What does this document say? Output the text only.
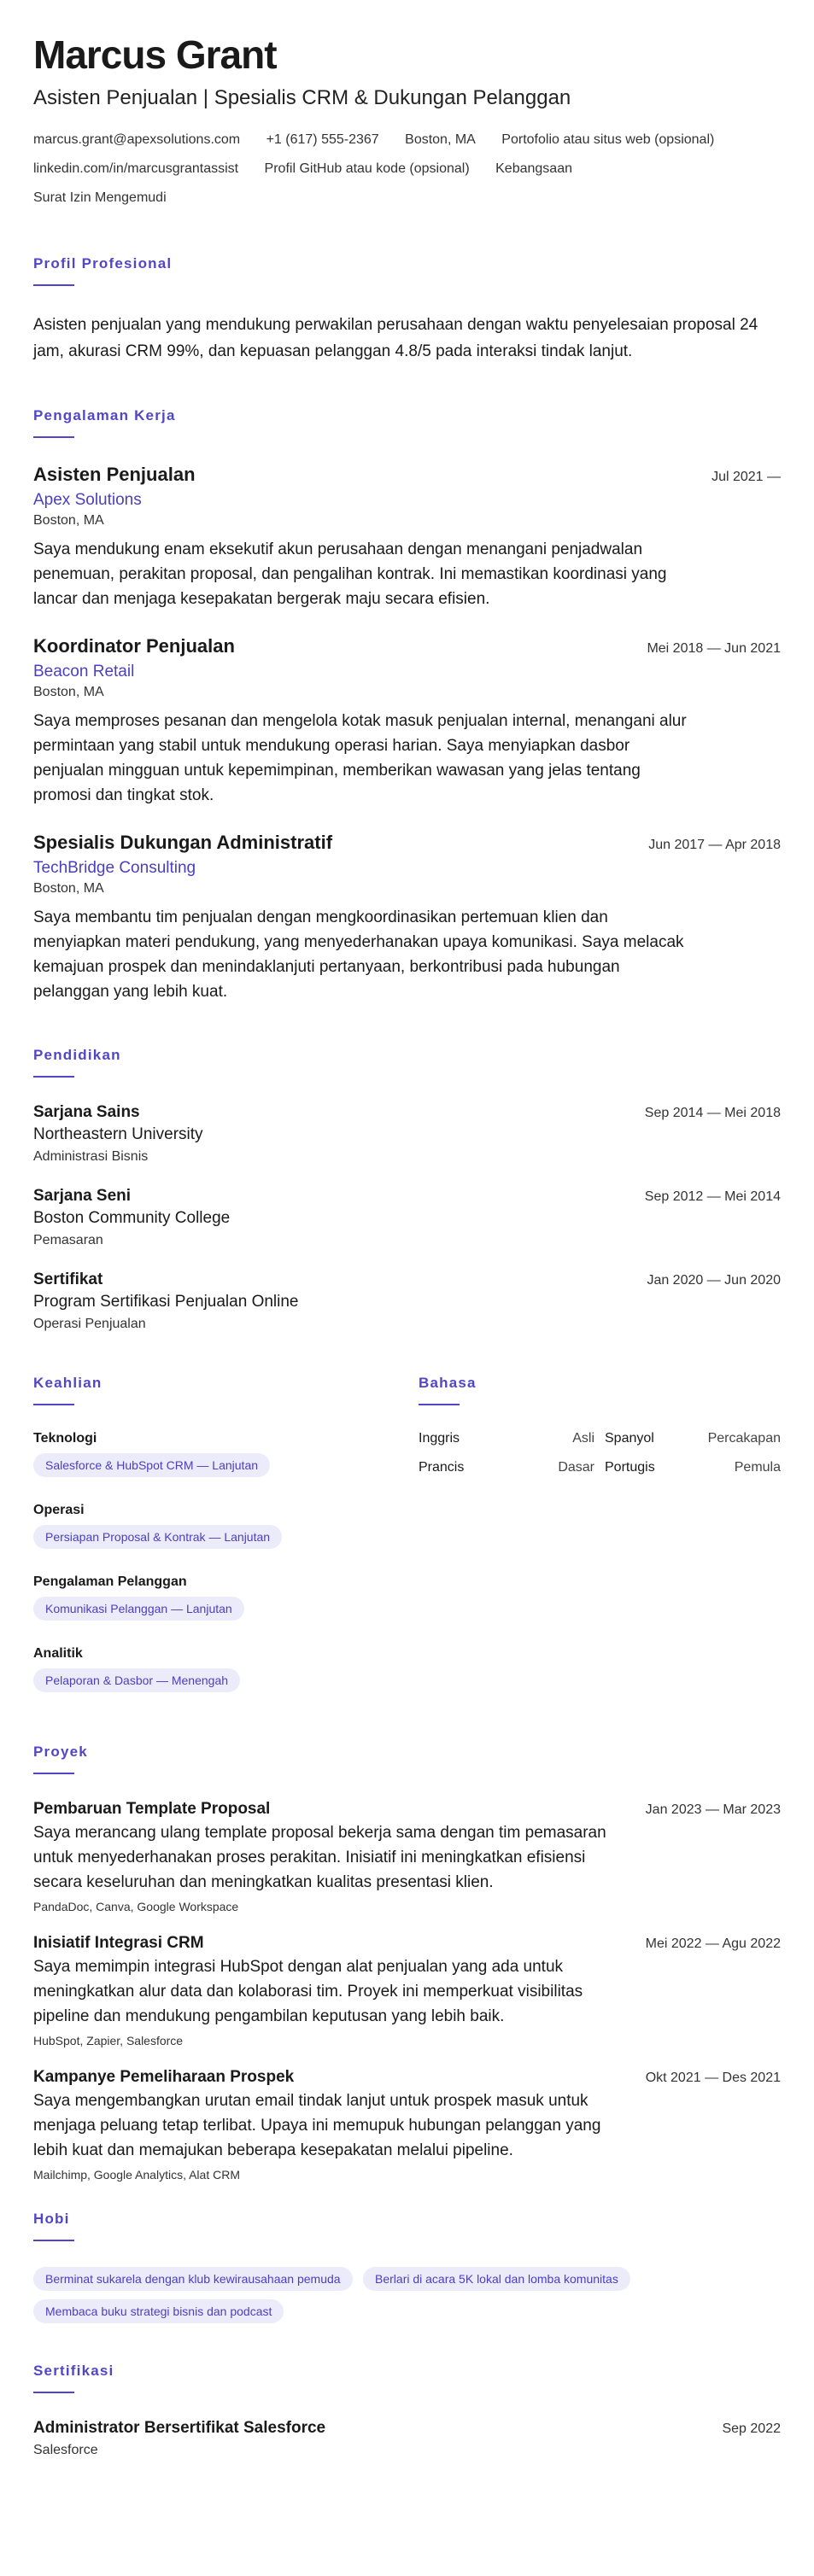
Marcus Grant
Asisten Penjualan | Spesialis CRM & Dukungan Pelanggan
marcus.grant@apexsolutions.com +1 (617) 555-2367 Boston, MA Portofolio atau situs web (opsional)
linkedin.com/in/marcusgrantassist Profil GitHub atau kode (opsional) Kebangsaan
Surat Izin Mengemudi
Profil Profesional

Asisten penjualan yang mendukung perwakilan perusahaan dengan waktu penyelesaian proposal 24 jam, akurasi CRM 99%, dan kepuasan pelanggan 4.8/5 pada interaksi tindak lanjut.

Pengalaman Kerja
Asisten Penjualan	Jul 2021 —
Apex Solutions
Boston, MA
Saya mendukung enam eksekutif akun perusahaan dengan menangani penjadwalan penemuan, perakitan proposal, dan pengalihan kontrak. Ini memastikan koordinasi yang lancar dan menjaga kesepakatan bergerak maju secara efisien.
Koordinator Penjualan	Mei 2018 — Jun 2021
Beacon Retail
Boston, MA
Saya memproses pesanan dan mengelola kotak masuk penjualan internal, menangani alur permintaan yang stabil untuk mendukung operasi harian. Saya menyiapkan dasbor penjualan mingguan untuk kepemimpinan, memberikan wawasan yang jelas tentang promosi dan tingkat stok.
Spesialis Dukungan Administratif	Jun 2017 — Apr 2018
TechBridge Consulting
Boston, MA
Saya membantu tim penjualan dengan mengkoordinasikan pertemuan klien dan menyiapkan materi pendukung, yang menyederhanakan upaya komunikasi. Saya melacak kemajuan prospek dan menindaklanjuti pertanyaan, berkontribusi pada hubungan pelanggan yang lebih kuat.
Pendidikan
Sarjana Sains	Sep 2014 — Mei 2018
Northeastern University
Administrasi Bisnis
Sarjana Seni	Sep 2012 — Mei 2014
Boston Community College
Pemasaran
Sertifikat	Jan 2020 — Jun 2020
Program Sertifikasi Penjualan Online
Operasi Penjualan
Keahlian
Teknologi
Salesforce & HubSpot CRM — Lanjutan
Operasi
Persiapan Proposal & Kontrak — Lanjutan
Pengalaman Pelanggan
Komunikasi Pelanggan — Lanjutan
Analitik
Pelaporan & Dasbor — Menengah
Bahasa
Inggris	Asli Spanyol	Percakapan
Prancis	Dasar Portugis	Pemula
Proyek
Pembaruan Template Proposal	Jan 2023 — Mar 2023
Saya merancang ulang template proposal bekerja sama dengan tim pemasaran untuk menyederhanakan proses perakitan. Inisiatif ini meningkatkan efisiensi secara keseluruhan dan meningkatkan kualitas presentasi klien.
PandaDoc, Canva, Google Workspace
Inisiatif Integrasi CRM	Mei 2022 — Agu 2022
Saya memimpin integrasi HubSpot dengan alat penjualan yang ada untuk meningkatkan alur data dan kolaborasi tim. Proyek ini memperkuat visibilitas pipeline dan mendukung pengambilan keputusan yang lebih baik.
HubSpot, Zapier, Salesforce
Kampanye Pemeliharaan Prospek	Okt 2021 — Des 2021
Saya mengembangkan urutan email tindak lanjut untuk prospek masuk untuk menjaga peluang tetap terlibat. Upaya ini memupuk hubungan pelanggan yang lebih kuat dan memajukan beberapa kesepakatan melalui pipeline.
Mailchimp, Google Analytics, Alat CRM
Hobi
Berminat sukarela dengan klub kewirausahaan pemuda	Berlari di acara 5K lokal dan lomba komunitas Membaca buku strategi bisnis dan podcast
Sertifikasi
Administrator Bersertifikat Salesforce	Sep 2022
Salesforce
